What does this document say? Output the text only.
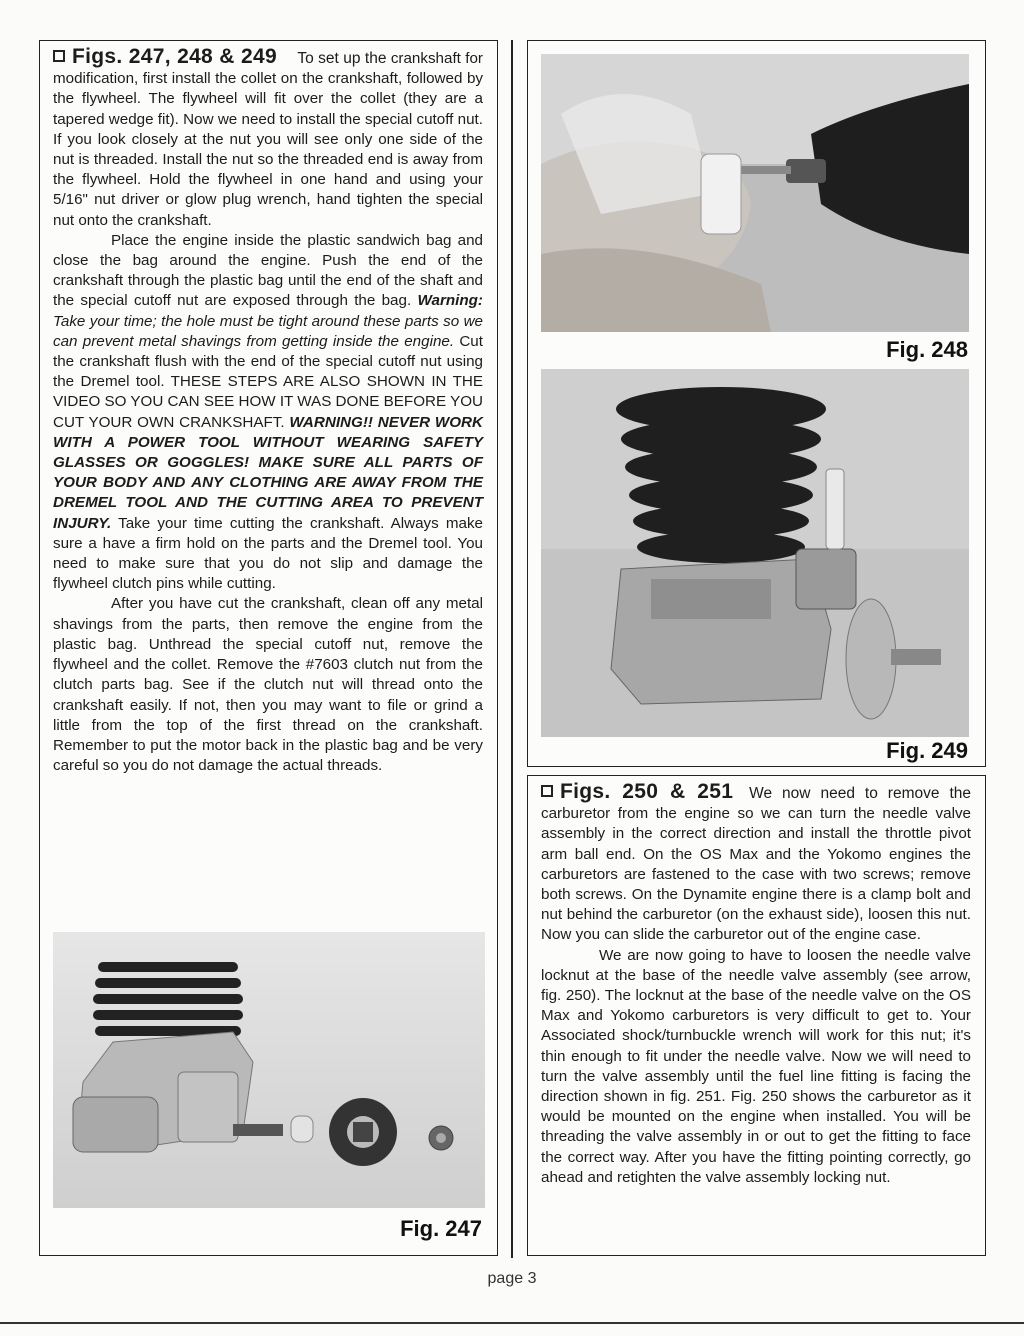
Figs. 247, 248 & 249 To set up the crankshaft for modification, first install the collet on the crankshaft, followed by the flywheel. The flywheel will fit over the collet (they are a tapered wedge fit). Now we need to install the special cutoff nut. If you look closely at the nut you will see only one side of the nut is threaded. Install the nut so the threaded end is away from the flywheel. Hold the flywheel in one hand and using your 5/16" nut driver or glow plug wrench, hand tighten the special nut onto the crankshaft.

Place the engine inside the plastic sandwich bag and close the bag around the engine. Push the end of the crankshaft through the plastic bag until the end of the shaft and the special cutoff nut are exposed through the bag. Warning: Take your time; the hole must be tight around these parts so we can prevent metal shavings from getting inside the engine. Cut the crankshaft flush with the end of the special cutoff nut using the Dremel tool. THESE STEPS ARE ALSO SHOWN IN THE VIDEO SO YOU CAN SEE HOW IT WAS DONE BEFORE YOU CUT YOUR OWN CRANKSHAFT. WARNING!! NEVER WORK WITH A POWER TOOL WITHOUT WEARING SAFETY GLASSES OR GOGGLES! MAKE SURE ALL PARTS OF YOUR BODY AND ANY CLOTHING ARE AWAY FROM THE DREMEL TOOL AND THE CUTTING AREA TO PREVENT INJURY. Take your time cutting the crankshaft. Always make sure a have a firm hold on the parts and the Dremel tool. You need to make sure that you do not slip and damage the flywheel clutch pins while cutting.

After you have cut the crankshaft, clean off any metal shavings from the parts, then remove the engine from the plastic bag. Unthread the special cutoff nut, remove the flywheel and the collet. Remove the #7603 clutch nut from the clutch parts bag. See if the clutch nut will thread onto the crankshaft easily. If not, then you may want to file or grind a little from the top of the first thread on the crankshaft. Remember to put the motor back in the plastic bag and be very careful so you do not damage the actual threads.

Fig. 247
Fig. 248
Fig. 249

Figs. 250 & 251 We now need to remove the carburetor from the engine so we can turn the needle valve assembly in the correct direction and install the throttle pivot arm ball end. On the OS Max and the Yokomo engines the carburetors are fastened to the case with two screws; remove both screws. On the Dynamite engine there is a clamp bolt and nut behind the carburetor (on the exhaust side), loosen this nut. Now you can slide the carburetor out of the engine case.

We are now going to have to loosen the needle valve locknut at the base of the needle valve assembly (see arrow, fig. 250). The locknut at the base of the needle valve on the OS Max and Yokomo carburetors is very difficult to get to. Your Associated shock/turnbuckle wrench will work for this nut; it's thin enough to fit under the needle valve. Now we will need to turn the valve assembly until the fuel line fitting is facing the direction shown in fig. 251. Fig. 250 shows the carburetor as it would be mounted on the engine when installed. You will be threading the valve assembly in or out to get the fitting to face the correct way. After you have the fitting pointing correctly, go ahead and retighten the valve assembly locking nut.

page 3
